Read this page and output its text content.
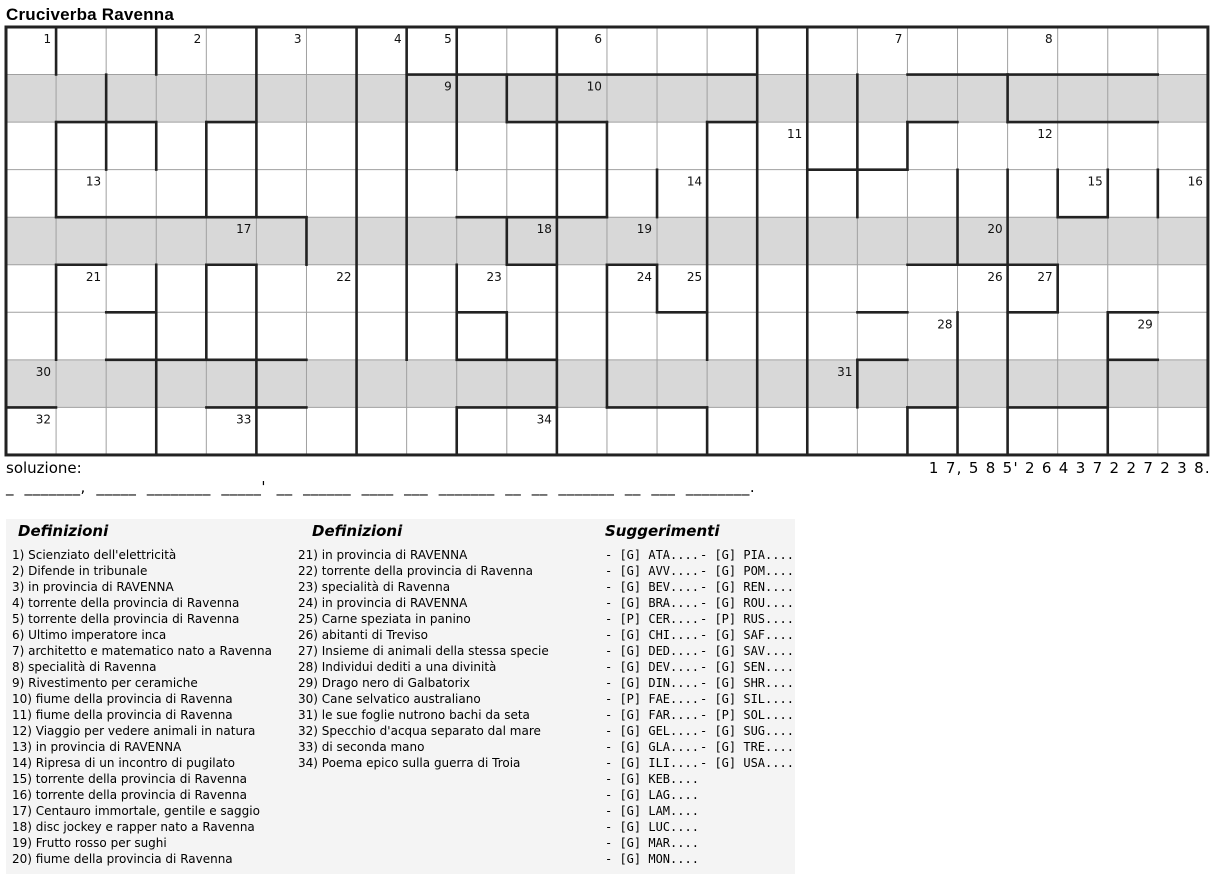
Cruciverba Ravenna
1	2	3	4	5	6	7	8
9	10
11	12
13	14	15	16
17	18	19	20
21	22	23	24	25	26	27
28	29
30	31
32	33	34
soluzione:	1 7, 5 8 5' 2 6 4 3 7 2 2 7 2 3 8.
_  _______,  _____  ________  _____'  __  ______  ____  ___  _______  __  __  _______  __  ___  ________.
Definizioni	Definizioni	Suggerimenti
1) Scienziato dell'elettricità
2) Difende in tribunale
3) in provincia di RAVENNA
4) torrente della provincia di Ravenna
5) torrente della provincia di Ravenna
6) Ultimo imperatore inca
7) architetto e matematico nato a Ravenna
8) specialità di Ravenna
9) Rivestimento per ceramiche
10) fiume della provincia di Ravenna
11) fiume della provincia di Ravenna
12) Viaggio per vedere animali in natura
13) in provincia di RAVENNA
14) Ripresa di un incontro di pugilato
15) torrente della provincia di Ravenna
16) torrente della provincia di Ravenna
17) Centauro immortale, gentile e saggio
18) disc jockey e rapper nato a Ravenna
19) Frutto rosso per sughi
20) fiume della provincia di Ravenna
21) in provincia di RAVENNA
22) torrente della provincia di Ravenna
23) specialità di Ravenna
24) in provincia di RAVENNA
25) Carne speziata in panino
26) abitanti di Treviso
27) Insieme di animali della stessa specie
28) Individui dediti a una divinità
29) Drago nero di Galbatorix
30) Cane selvatico australiano
31) le sue foglie nutrono bachi da seta
32) Specchio d'acqua separato dal mare
33) di seconda mano
34) Poema epico sulla guerra di Troia
- [G] ATA....
- [G] AVV....
- [G] BEV....
- [G] BRA....
- [P] CER....
- [G] CHI....
- [G] DED....
- [G] DEV....
- [G] DIN....
- [P] FAE....
- [G] FAR....
- [G] GEL....
- [G] GLA....
- [G] ILI....
- [G] KEB....
- [G] LAG....
- [G] LAM....
- [G] LUC....
- [G] MAR....
- [G] MON....
- [G] PIA....
- [G] POM....
- [G] REN....
- [G] ROU....
- [P] RUS....
- [G] SAF....
- [G] SAV....
- [G] SEN....
- [G] SHR....
- [G] SIL....
- [P] SOL....
- [G] SUG....
- [G] TRE....
- [G] USA....
